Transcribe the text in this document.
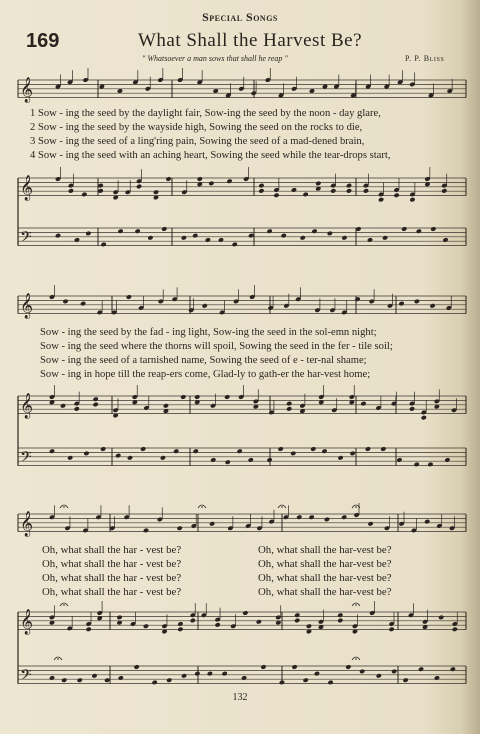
Special Songs
169	What Shall the Harvest Be?
" Whatsoever a man sows that shall he reap "	P. P. Bliss
𝄞
𝄞
𝄢
𝄞
𝄞
𝄢
𝄞
𝄞
𝄢
1 Sow - ing the seed by the daylight fair, Sow-ing the seed by the noon - day glare,
2 Sow - ing the seed by the wayside high, Sowing the seed on the rocks to die,
3 Sow - ing the seed of a ling'ring pain, Sowing the seed of a mad-dened brain,
4 Sow - ing the seed with an aching heart, Sowing the seed while the tear-drops start,
Sow - ing the seed by the fad - ing light, Sow-ing the seed in the sol-emn night;
Sow - ing the seed where the thorns will spoil, Sowing the seed in the fer - tile soil;
Sow - ing the seed of a tarnished name, Sowing the seed of e - ter-nal shame;
Sow - ing in hope till the reap-ers come, Glad-ly to gath-er the har-vest home;
Oh, what shall the har - vest be?
Oh, what shall the har - vest be?
Oh, what shall the har - vest be?
Oh, what shall the har - vest be?
Oh, what shall the har-vest be?
Oh, what shall the har-vest be?
Oh, what shall the har-vest be?
Oh, what shall the har-vest be?
132
